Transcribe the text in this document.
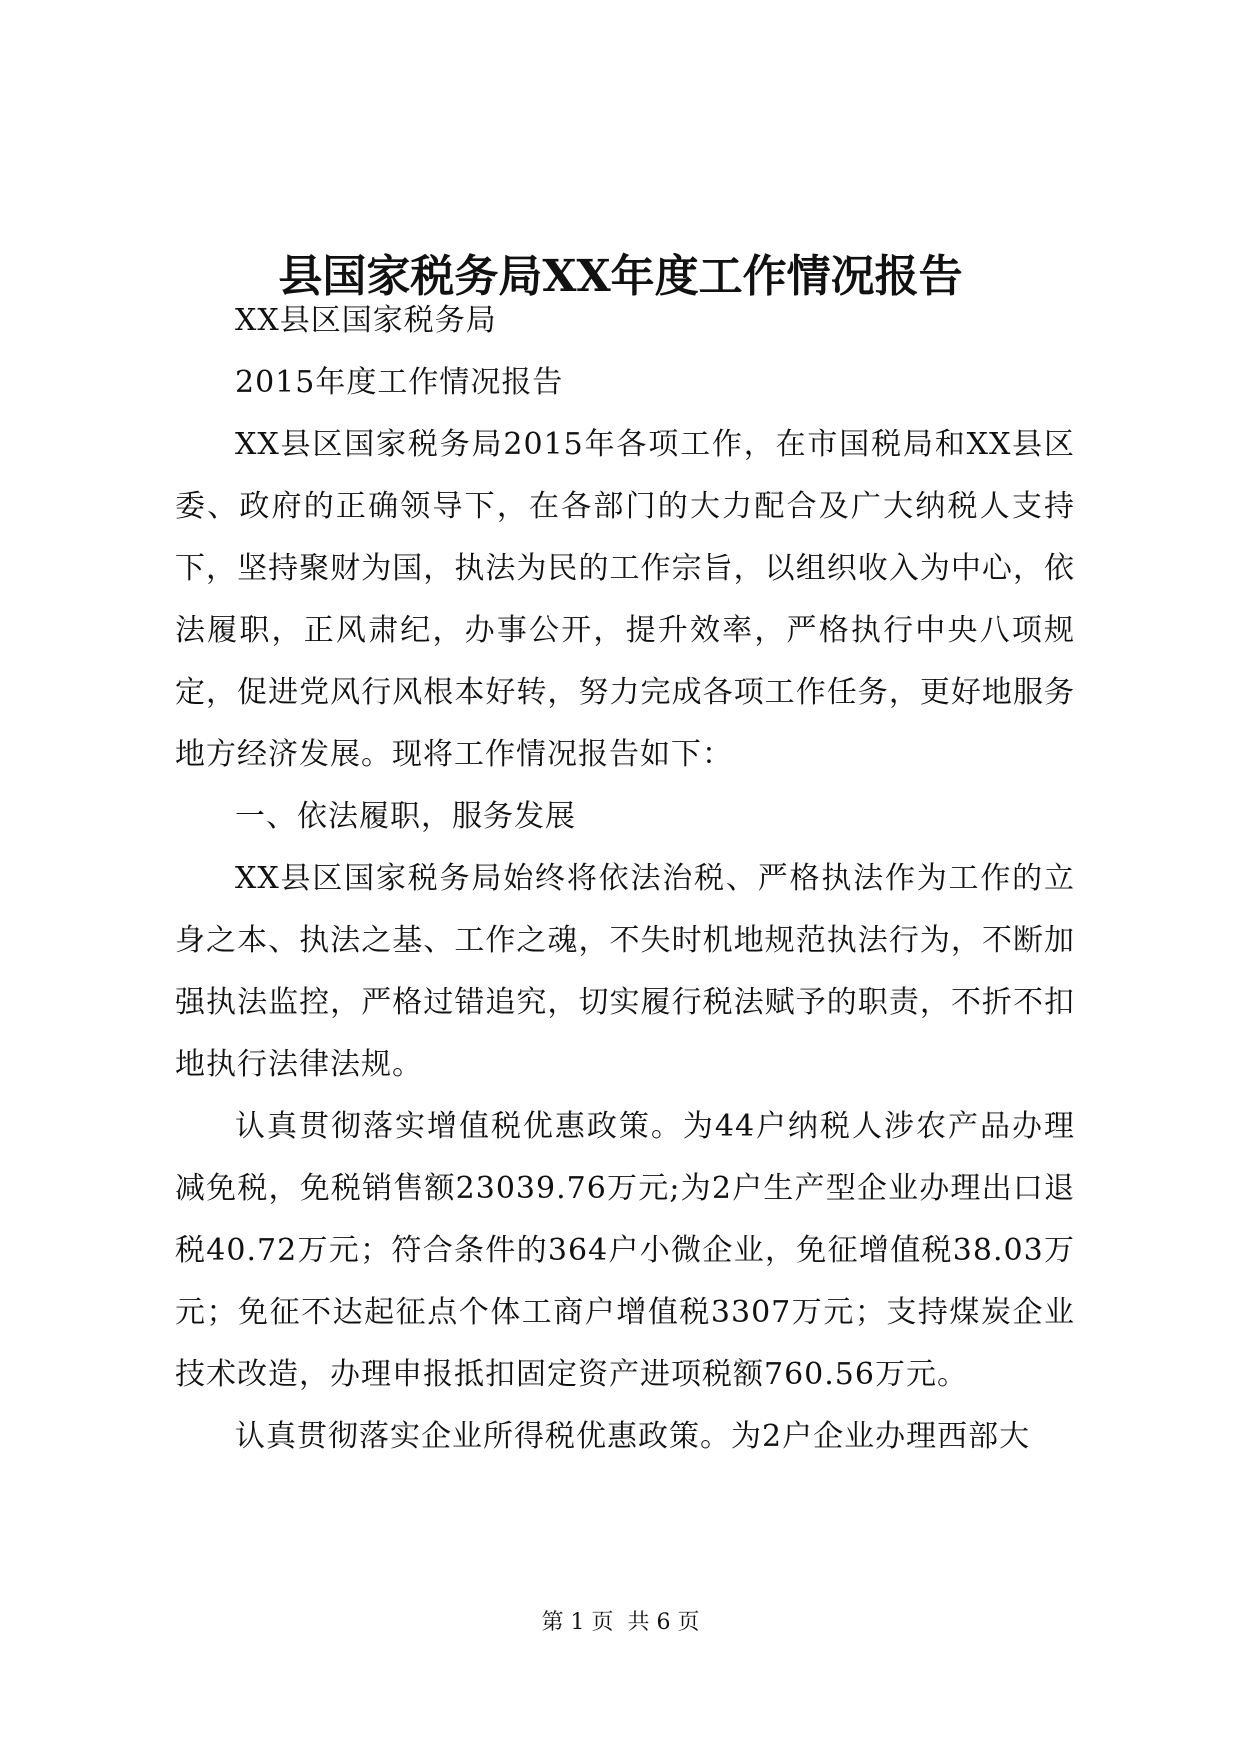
县国家税务局XX年度工作情况报告

XX县区国家税务局

2015年度工作情况报告

XX县区国家税务局2015年各项工作，在市国税局和XX县区委、政府的正确领导下，在各部门的大力配合及广大纳税人支持下，坚持聚财为国，执法为民的工作宗旨，以组织收入为中心，依法履职，正风肃纪，办事公开，提升效率，严格执行中央八项规定，促进党风行风根本好转，努力完成各项工作任务，更好地服务地方经济发展。现将工作情况报告如下：

一、依法履职，服务发展

XX县区国家税务局始终将依法治税、严格执法作为工作的立身之本、执法之基、工作之魂，不失时机地规范执法行为，不断加强执法监控，严格过错追究，切实履行税法赋予的职责，不折不扣地执行法律法规。

认真贯彻落实增值税优惠政策。为44户纳税人涉农产品办理减免税，免税销售额23039.76万元;为2户生产型企业办理出口退税40.72万元；符合条件的364户小微企业，免征增值税38.03万元；免征不达起征点个体工商户增值税3307万元；支持煤炭企业技术改造，办理申报抵扣固定资产进项税额760.56万元。

认真贯彻落实企业所得税优惠政策。为2户企业办理西部大

第 1 页  共 6 页
